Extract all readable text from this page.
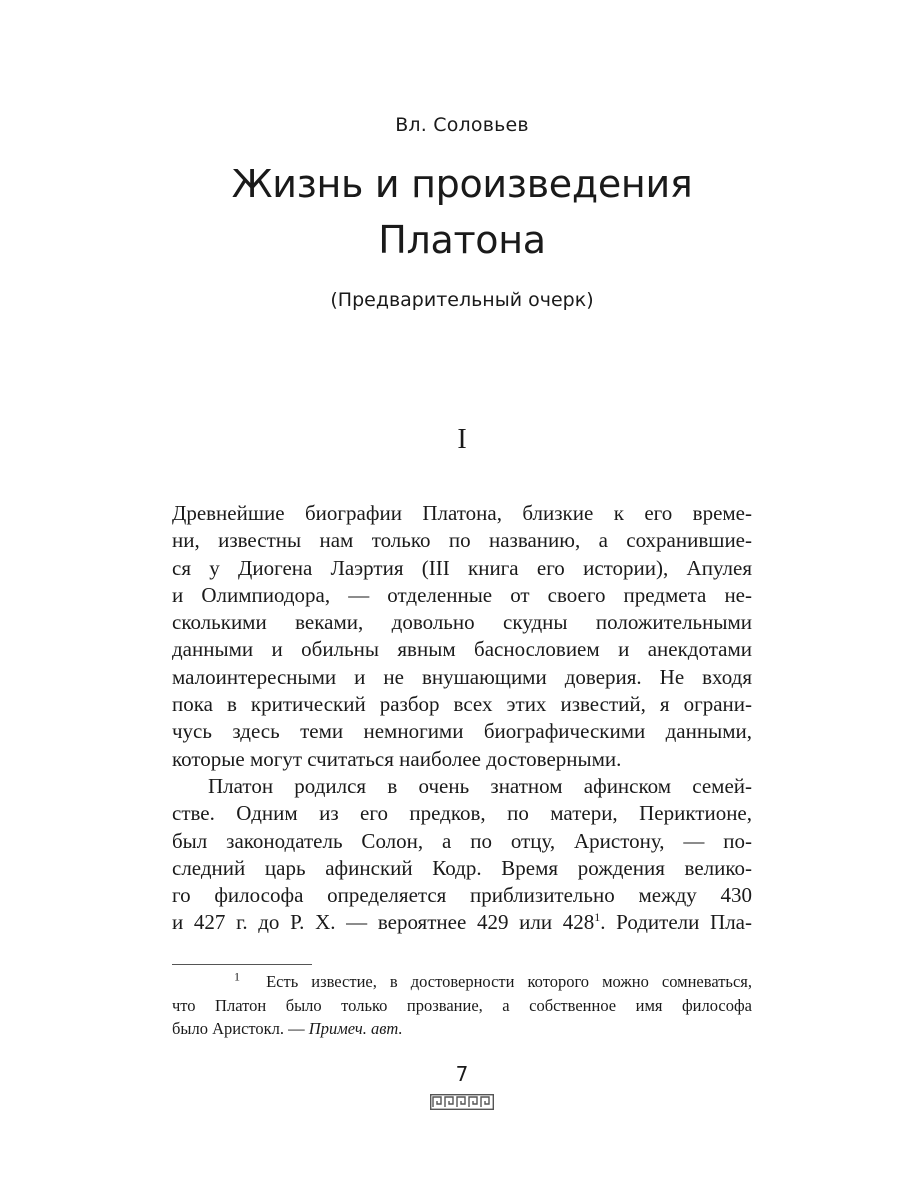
Вл. Соловьев
Жизнь и произведения
Платона
(Предварительный очерк)
I
Древнейшие биографии Платона, близкие к его време-
ни, известны нам только по названию, а сохранившие-
ся у Диогена Лаэртия (III книга его истории), Апулея
и Олимпиодора, — отделенные от своего предмета не-
сколькими веками, довольно скудны положительными
данными и обильны явным баснословием и анекдотами
малоинтересными и не внушающими доверия. Не входя
пока в критический разбор всех этих известий, я ограни-
чусь здесь теми немногими биографическими данными,
которые могут считаться наиболее достоверными.
Платон родился в очень знатном афинском семей-
стве. Одним из его предков, по матери, Периктионе,
был законодатель Солон, а по отцу, Аристону, — по-
следний царь афинский Кодр. Время рождения велико-
го философа определяется приблизительно между 430
и 427 г. до Р. Х. — вероятнее 429 или 428$^1$. Родители Пла-
$^1$ Есть известие, в достоверности которого можно сомневаться,
что Платон было только прозвание, а собственное имя философа
было Аристокл. — Примеч. авт.
7
